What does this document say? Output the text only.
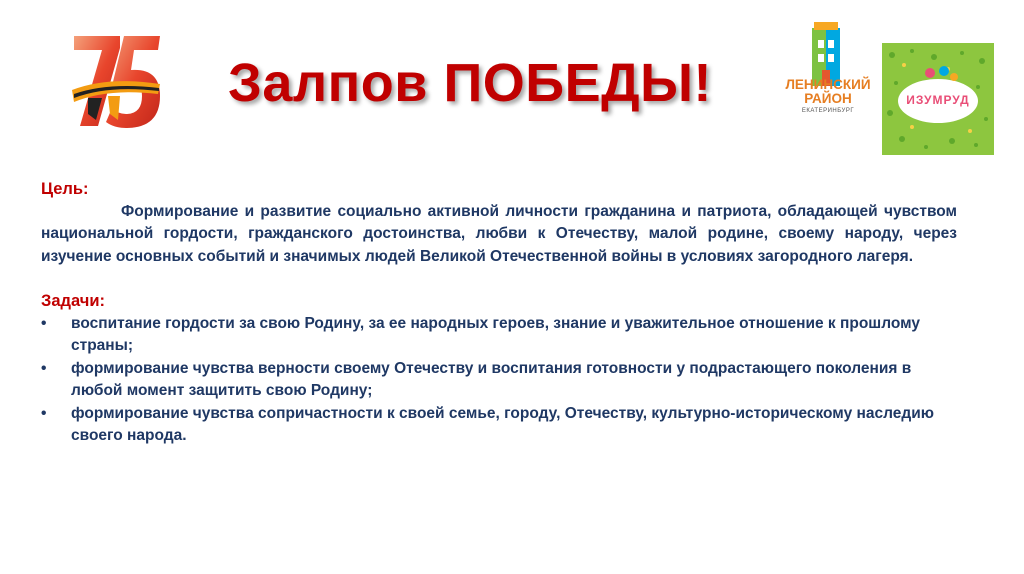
Залпов ПОБЕДЫ!	ЛЕНИНСКИЙ
РАЙОН
ЕКАТЕРИНБУРГ
ИЗУМРУД

Цель:

Формирование и развитие социально активной личности гражданина и патриота, обладающей чувством национальной гордости, гражданского достоинства, любви к Отечеству, малой родине, своему народу, через изучение основных событий и значимых людей Великой Отечественной войны в условиях загородного лагеря.

Задачи:

• воспитание гордости за свою Родину, за ее народных героев, знание и уважительное отношение к прошлому страны;
• формирование чувства верности своему Отечеству и воспитания готовности у подрастающего поколения в любой момент защитить свою Родину;
• формирование чувства сопричастности к своей семье, городу, Отечеству, культурно-историческому наследию своего народа.
